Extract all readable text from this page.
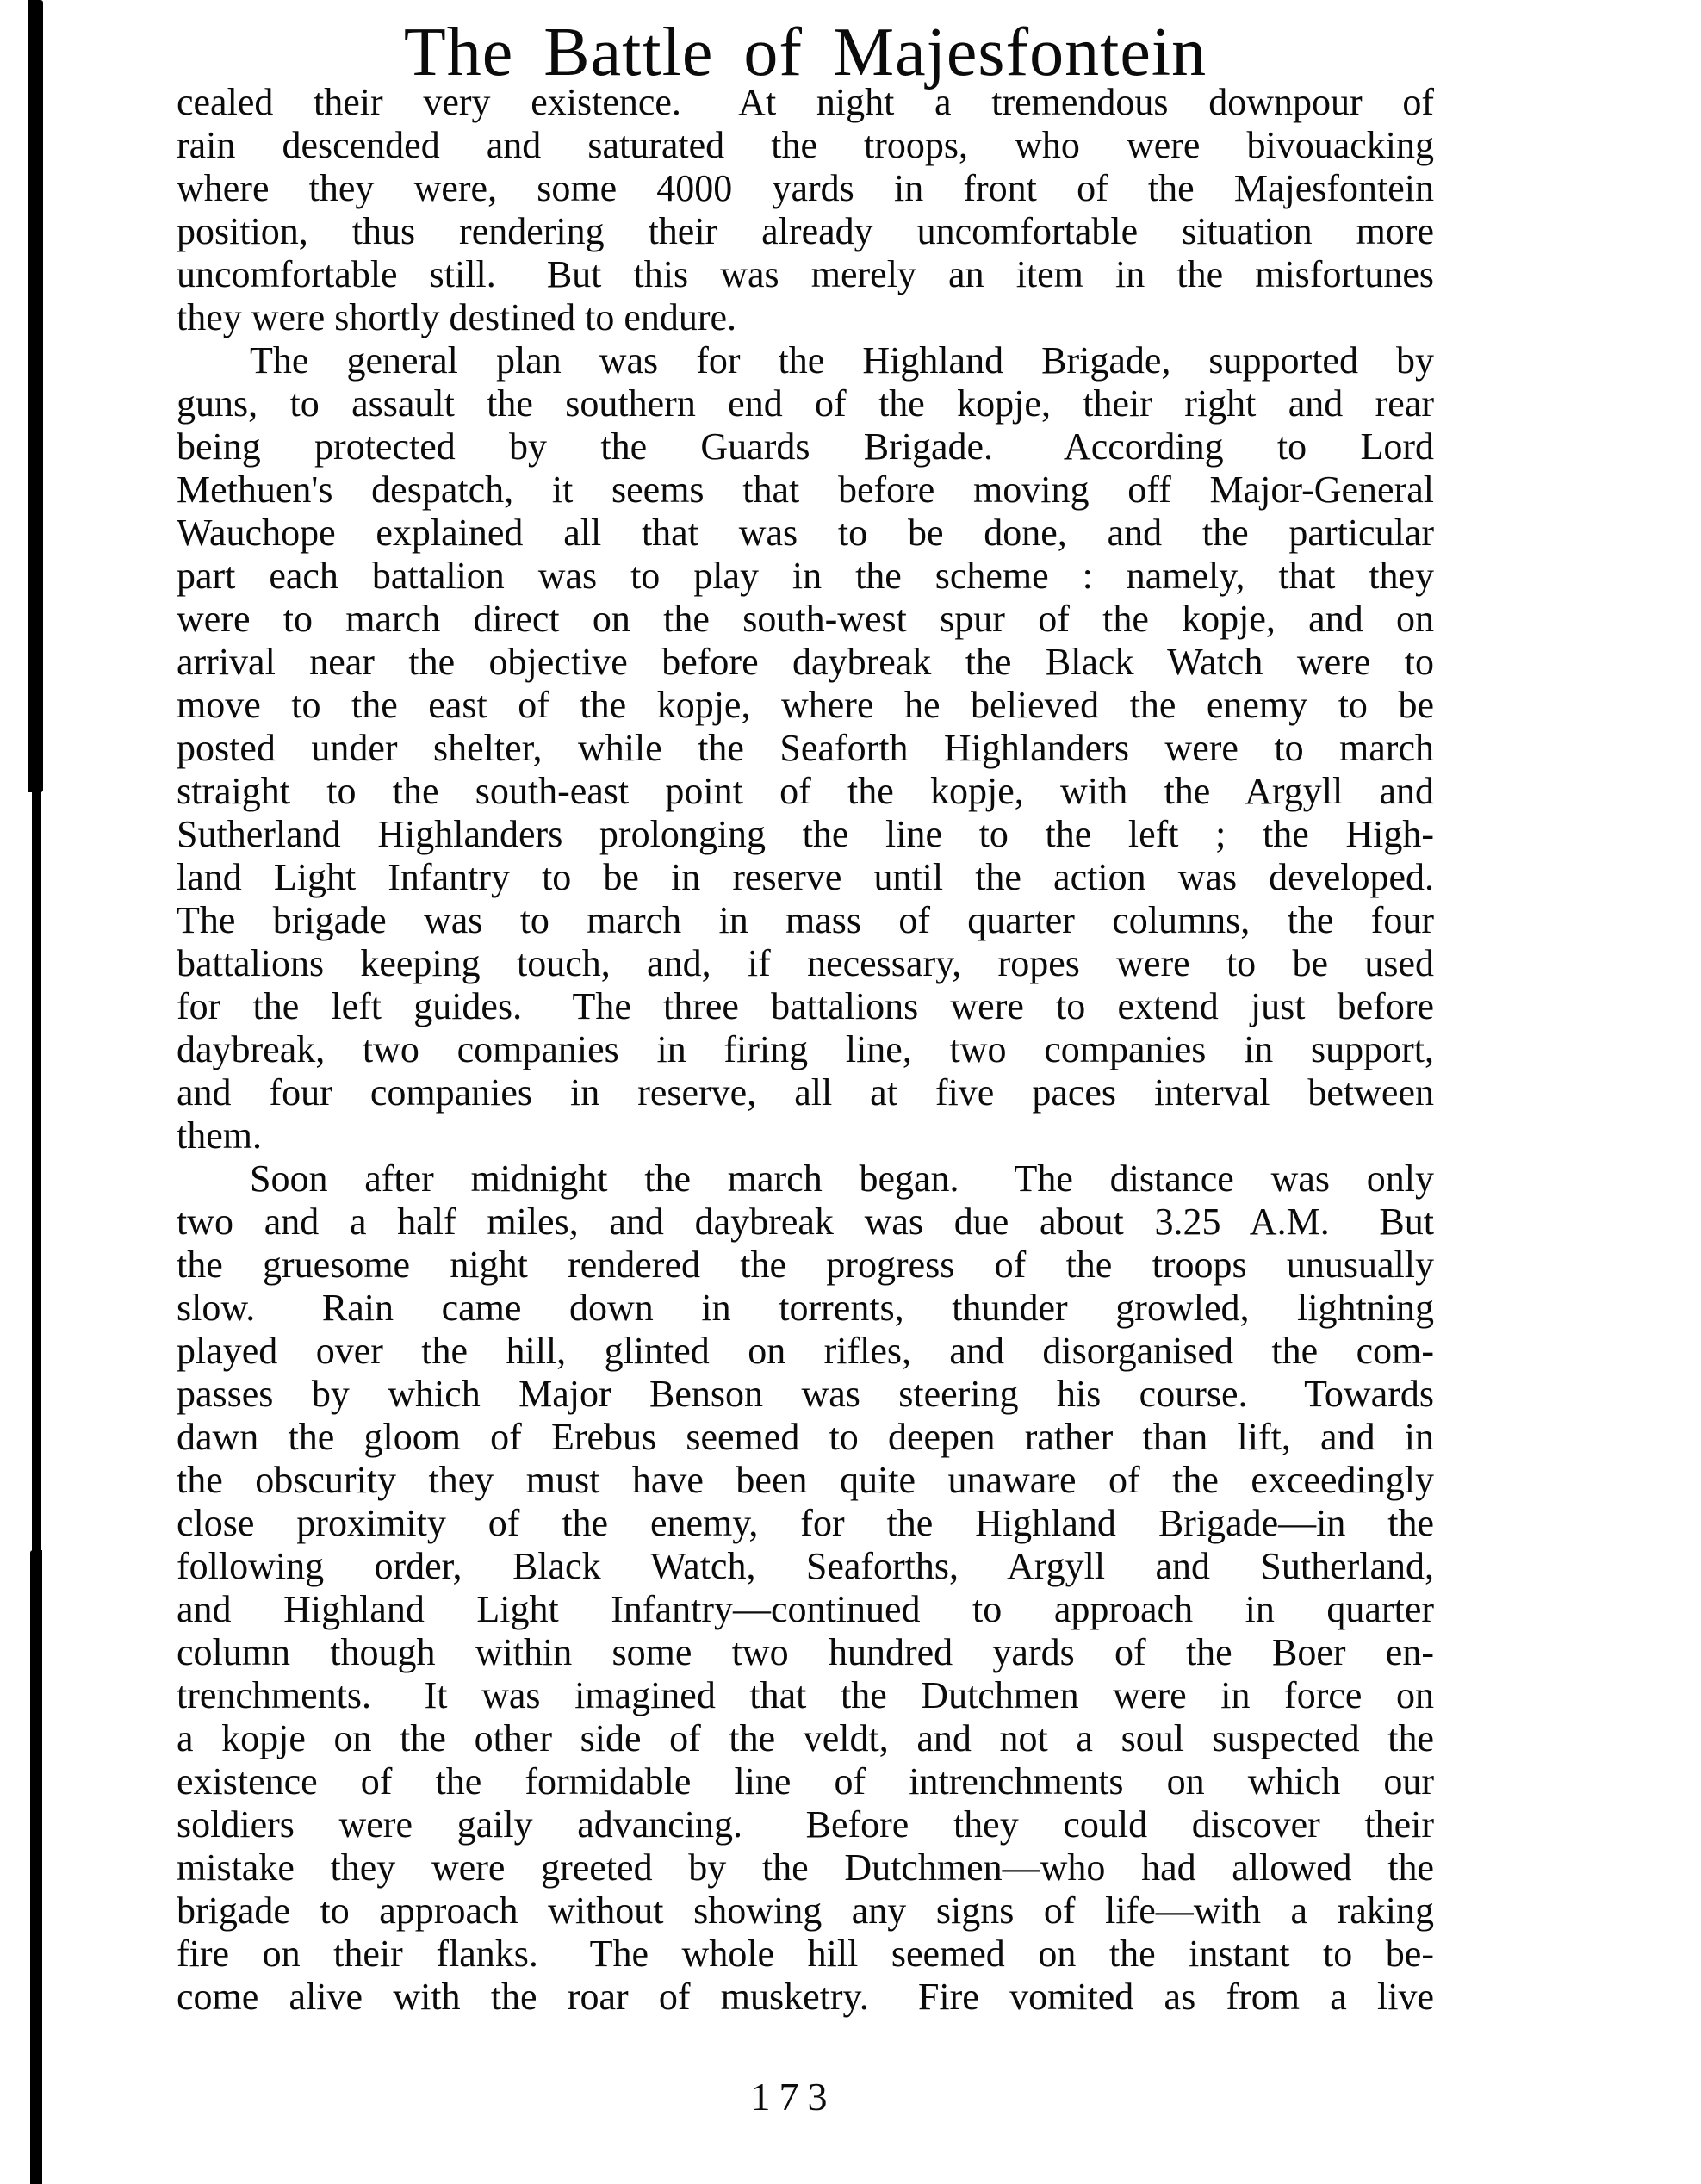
The Battle of Majesfontein
cealed their very existence.  At night a tremendous downpour of
rain descended and saturated the troops, who were bivouacking
where they were, some 4000 yards in front of the Majesfontein
position, thus rendering their already uncomfortable situation more
uncomfortable still.  But this was merely an item in the misfortunes
they were shortly destined to endure.
The general plan was for the Highland Brigade, supported by
guns, to assault the southern end of the kopje, their right and rear
being protected by the Guards Brigade.  According to Lord
Methuen's despatch, it seems that before moving off Major-General
Wauchope explained all that was to be done, and the particular
part each battalion was to play in the scheme : namely, that they
were to march direct on the south-west spur of the kopje, and on
arrival near the objective before daybreak the Black Watch were to
move to the east of the kopje, where he believed the enemy to be
posted under shelter, while the Seaforth Highlanders were to march
straight to the south-east point of the kopje, with the Argyll and
Sutherland Highlanders prolonging the line to the left ; the High-
land Light Infantry to be in reserve until the action was developed.
The brigade was to march in mass of quarter columns, the four
battalions keeping touch, and, if necessary, ropes were to be used
for the left guides.  The three battalions were to extend just before
daybreak, two companies in firing line, two companies in support,
and four companies in reserve, all at five paces interval between
them.
Soon after midnight the march began.  The distance was only
two and a half miles, and daybreak was due about 3.25 A.M.  But
the gruesome night rendered the progress of the troops unusually
slow.  Rain came down in torrents, thunder growled, lightning
played over the hill, glinted on rifles, and disorganised the com-
passes by which Major Benson was steering his course.  Towards
dawn the gloom of Erebus seemed to deepen rather than lift, and in
the obscurity they must have been quite unaware of the exceedingly
close proximity of the enemy, for the Highland Brigade—in the
following order, Black Watch, Seaforths, Argyll and Sutherland,
and Highland Light Infantry—continued to approach in quarter
column though within some two hundred yards of the Boer en-
trenchments.  It was imagined that the Dutchmen were in force on
a kopje on the other side of the veldt, and not a soul suspected the
existence of the formidable line of intrenchments on which our
soldiers were gaily advancing.  Before they could discover their
mistake they were greeted by the Dutchmen—who had allowed the
brigade to approach without showing any signs of life—with a raking
fire on their flanks.  The whole hill seemed on the instant to be-
come alive with the roar of musketry.  Fire vomited as from a live
173
